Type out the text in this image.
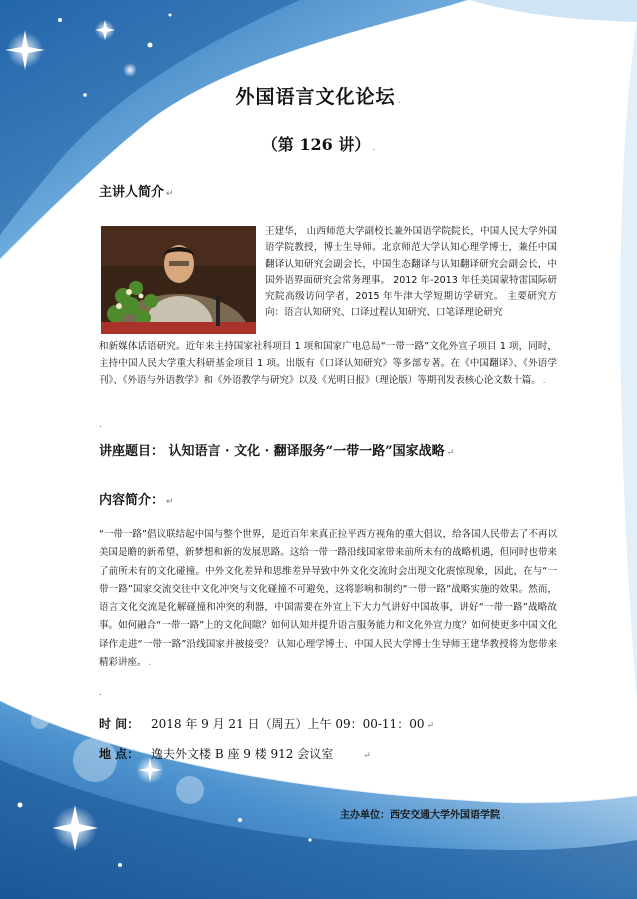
外国语言文化论坛 .
（第 126 讲） .
主讲人简介 ↵
王建华， 山西师范大学副校长兼外国语学院院长，中国人民大学外国语学院教授，博士生导师。北京师范大学认知心理学博士，兼任中国翻译认知研究会副会长，中国生态翻译与认知翻译研究会副会长，中国外语界面研究会常务理事。 2012 年-2013 年任美国蒙特雷国际研究院高级访问学者，2015 年牛津大学短期访学研究。 主要研究方向：语言认知研究、口译过程认知研究、口笔译理论研究
和新媒体话语研究。近年来主持国家社科项目 1 项和国家广电总局“一带一路”文化外宣子项目 1 项，同时，主持中国人民大学重大科研基金项目 1 项。出版有《口译认知研究》等多部专著。在《中国翻译》、《外语学刊》、《外语与外语教学》和《外语教学与研究》以及《光明日报》（理论版）等期刊发表核心论文数十篇。 .
.
讲座题目： 认知语言 · 文化 · 翻译服务“一带一路”国家战略 ↵
内容简介： ↵
“一带一路”倡议联结起中国与整个世界，是近百年来真正拉平西方视角的重大倡议，给各国人民带去了不再以美国是瞻的新希望、新梦想和新的发展思路。这给一带一路沿线国家带来前所未有的战略机遇，但同时也带来了前所未有的文化碰撞。中外文化差异和思维差异导致中外文化交流时会出现文化震惊现象，因此，在与“一带一路”国家交流交往中文化冲突与文化碰撞不可避免，这将影响和制约“一带一路”战略实施的效果。然而，语言文化交流是化解碰撞和冲突的利器，中国需要在外宣上下大力气讲好中国故事，讲好“一带一路”战略故事。如何融合“一带一路”上的文化间隙？如何认知并提升语言服务能力和文化外宣力度？如何使更多中国文化译作走进“一带一路”沿线国家并被接受？ 认知心理学博士、中国人民大学博士生导师王建华教授将为您带来精彩讲座。 .
.
时 间： 2018 年 9 月 21 日（周五）上午 09：00-11：00 ↵
地 点： 逸夫外文楼 B 座 9 楼 912 会议室	↵
主办单位：西安交通大学外国语学院 .
